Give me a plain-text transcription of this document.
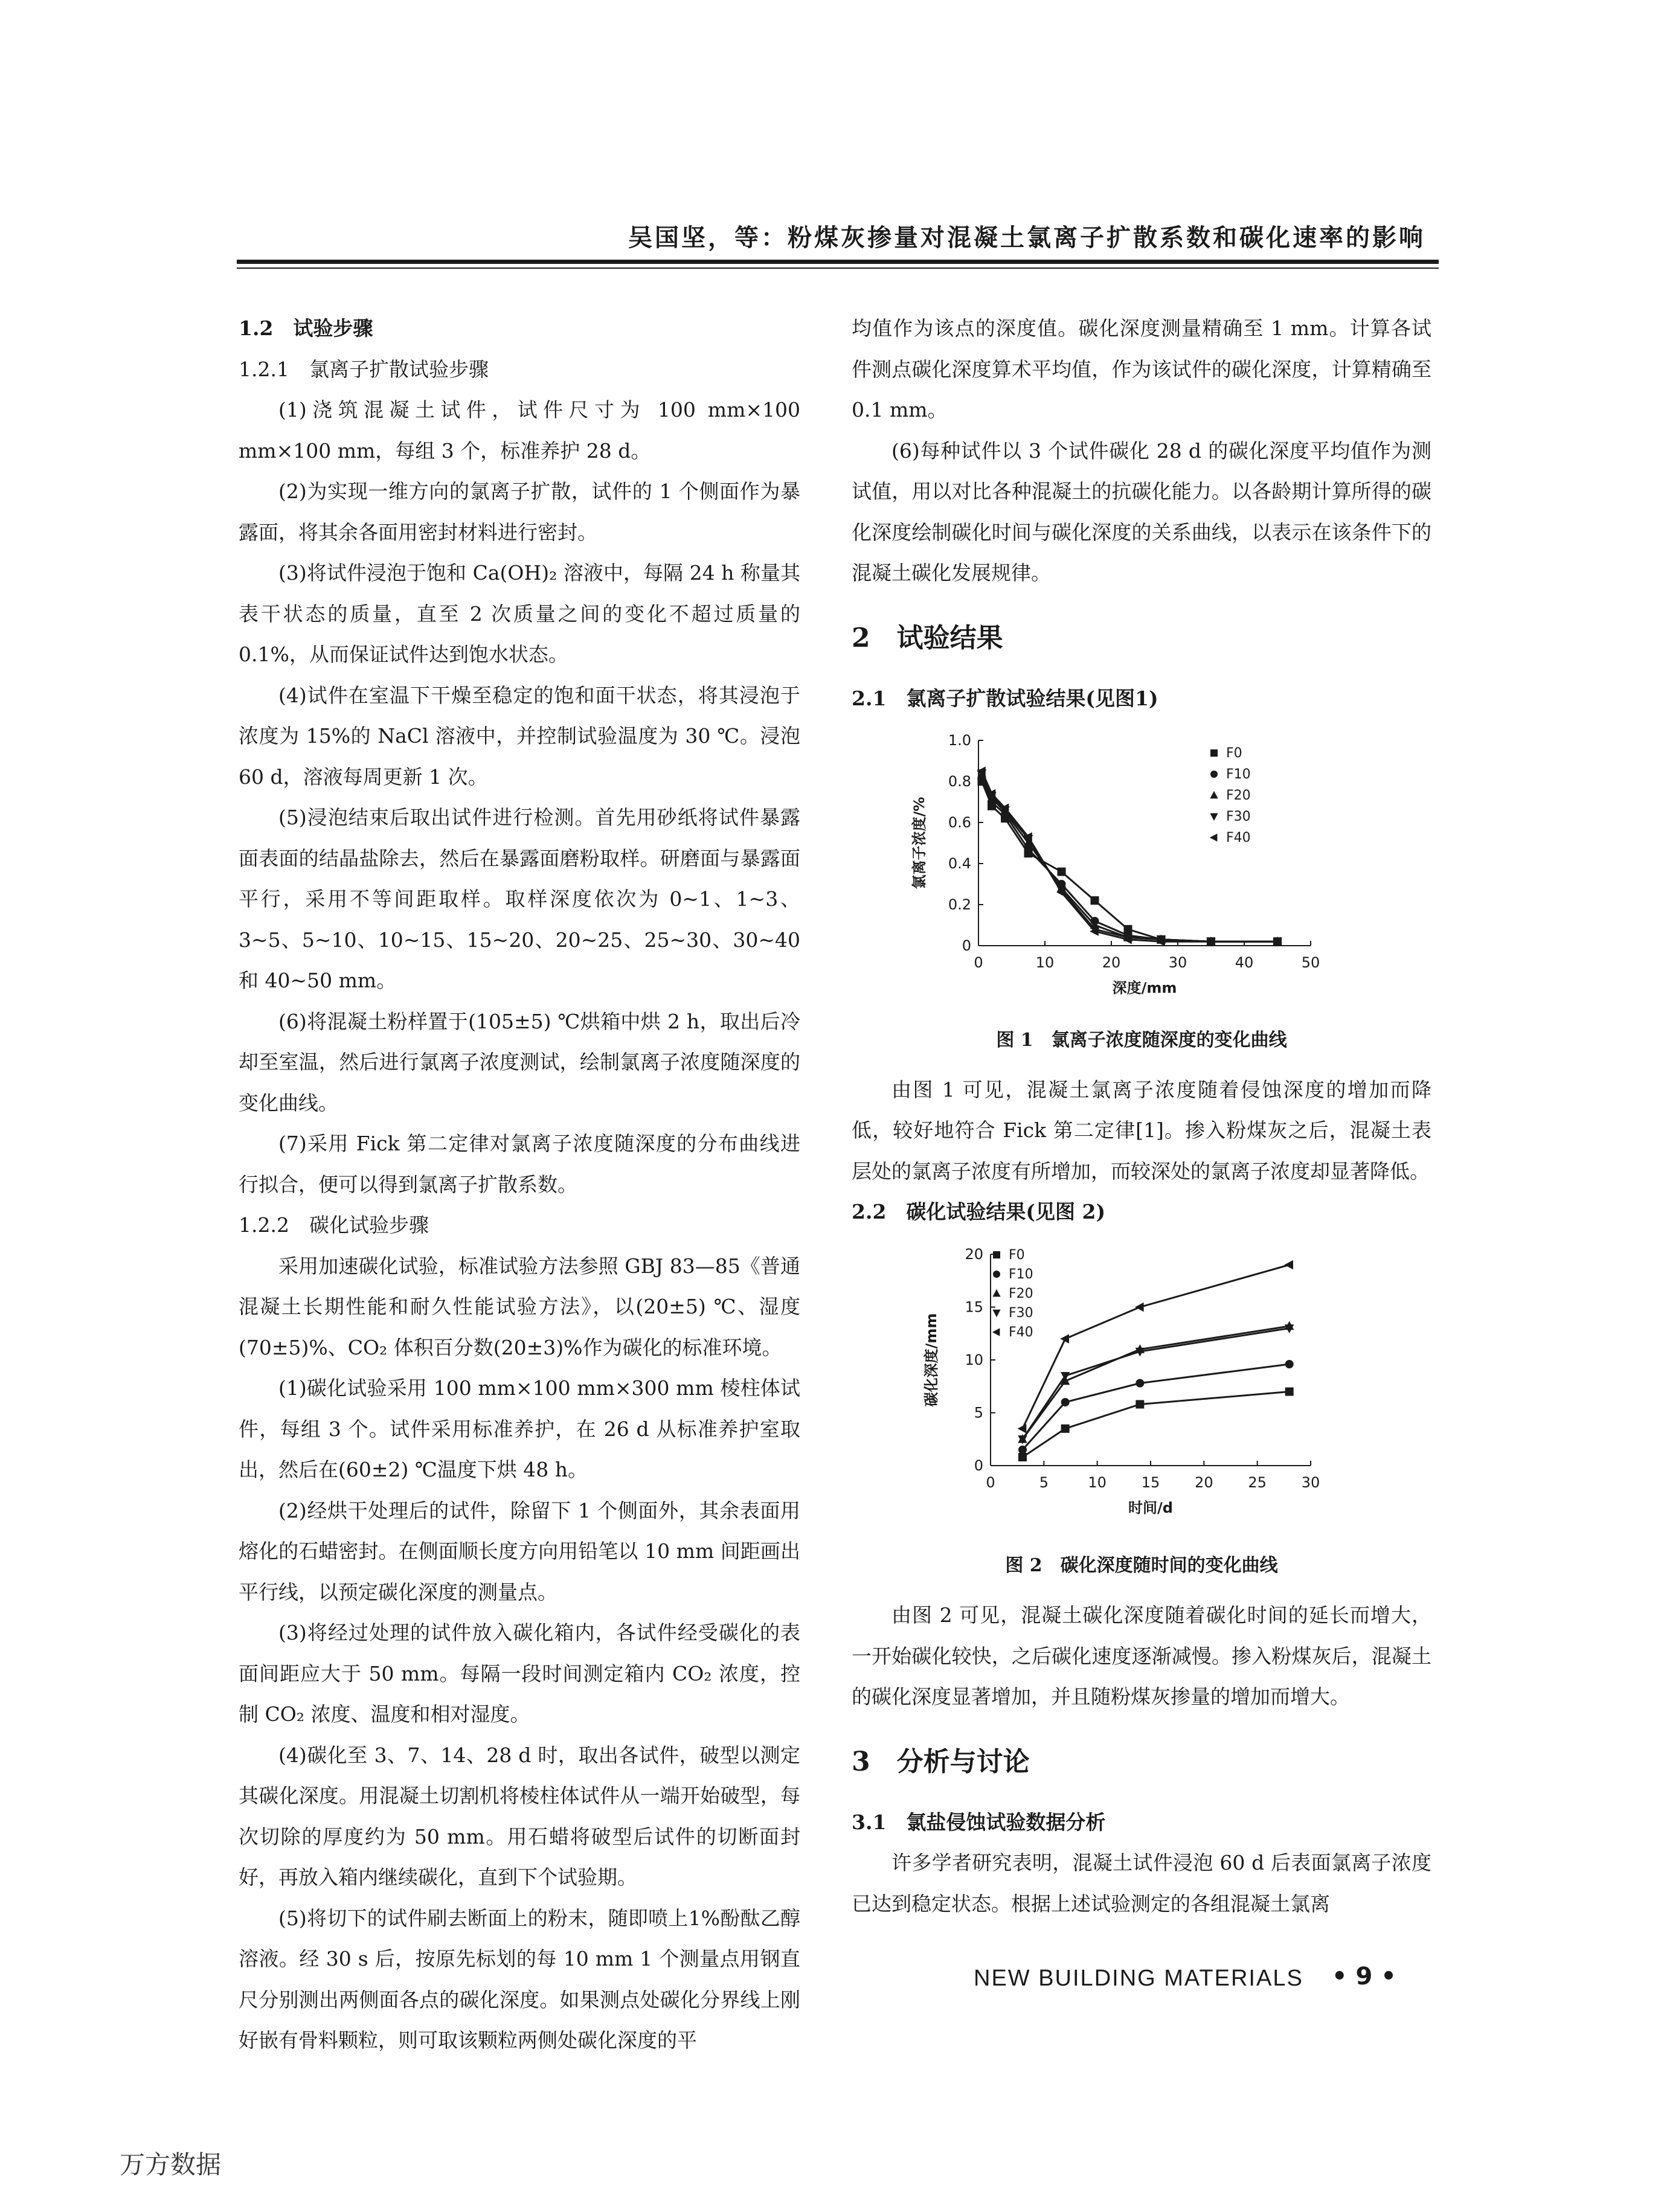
吴国坚，等：粉煤灰掺量对混凝土氯离子扩散系数和碳化速率的影响
1.2　试验步骤
1.2.1　氯离子扩散试验步骤

(1)浇筑混凝土试件，试件尺寸为 100 mm×100 mm×100 mm，每组 3 个，标准养护 28 d。

(2)为实现一维方向的氯离子扩散，试件的 1 个侧面作为暴露面，将其余各面用密封材料进行密封。

(3)将试件浸泡于饱和 Ca(OH)₂ 溶液中，每隔 24 h 称量其表干状态的质量，直至 2 次质量之间的变化不超过质量的 0.1%，从而保证试件达到饱水状态。

(4)试件在室温下干燥至稳定的饱和面干状态，将其浸泡于浓度为 15%的 NaCl 溶液中，并控制试验温度为 30 ℃。浸泡 60 d，溶液每周更新 1 次。

(5)浸泡结束后取出试件进行检测。首先用砂纸将试件暴露面表面的结晶盐除去，然后在暴露面磨粉取样。研磨面与暴露面平行，采用不等间距取样。取样深度依次为 0~1、1~3、3~5、5~10、10~15、15~20、20~25、25~30、30~40 和 40~50 mm。

(6)将混凝土粉样置于(105±5) ℃烘箱中烘 2 h，取出后冷却至室温，然后进行氯离子浓度测试，绘制氯离子浓度随深度的变化曲线。

(7)采用 Fick 第二定律对氯离子浓度随深度的分布曲线进行拟合，便可以得到氯离子扩散系数。

1.2.2　碳化试验步骤

采用加速碳化试验，标准试验方法参照 GBJ 83—85《普通混凝土长期性能和耐久性能试验方法》，以(20±5) ℃、湿度(70±5)%、CO₂ 体积百分数(20±3)%作为碳化的标准环境。

(1)碳化试验采用 100 mm×100 mm×300 mm 棱柱体试件，每组 3 个。试件采用标准养护，在 26 d 从标准养护室取出，然后在(60±2) ℃温度下烘 48 h。

(2)经烘干处理后的试件，除留下 1 个侧面外，其余表面用熔化的石蜡密封。在侧面顺长度方向用铅笔以 10 mm 间距画出平行线，以预定碳化深度的测量点。

(3)将经过处理的试件放入碳化箱内，各试件经受碳化的表面间距应大于 50 mm。每隔一段时间测定箱内 CO₂ 浓度，控制 CO₂ 浓度、温度和相对湿度。

(4)碳化至 3、7、14、28 d 时，取出各试件，破型以测定其碳化深度。用混凝土切割机将棱柱体试件从一端开始破型，每次切除的厚度约为 50 mm。用石蜡将破型后试件的切断面封好，再放入箱内继续碳化，直到下个试验期。

(5)将切下的试件刷去断面上的粉末，随即喷上1%酚酞乙醇溶液。经 30 s 后，按原先标划的每 10 mm 1 个测量点用钢直尺分别测出两侧面各点的碳化深度。如果测点处碳化分界线上刚好嵌有骨料颗粒，则可取该颗粒两侧处碳化深度的平

均值作为该点的深度值。碳化深度测量精确至 1 mm。计算各试件测点碳化深度算术平均值，作为该试件的碳化深度，计算精确至 0.1 mm。

(6)每种试件以 3 个试件碳化 28 d 的碳化深度平均值作为测试值，用以对比各种混凝土的抗碳化能力。以各龄期计算所得的碳化深度绘制碳化时间与碳化深度的关系曲线，以表示在该条件下的混凝土碳化发展规律。

2　试验结果
2.1　氯离子扩散试验结果(见图1)
0	10	20	30	40	50
0
0.2
0.4
0.6
0.8
1.0
深度/mm
氯离子浓度/%
F0
F10
F20
F30
F40
图 1　氯离子浓度随深度的变化曲线

由图 1 可见，混凝土氯离子浓度随着侵蚀深度的增加而降低，较好地符合 Fick 第二定律[1]。掺入粉煤灰之后，混凝土表层处的氯离子浓度有所增加，而较深处的氯离子浓度却显著降低。

2.2　碳化试验结果(见图 2)
0	5	10 15 20 25 30
0
5
10
15
20
时间/d
碳化深度/mm
F0
F10
F20
F30
F40
图 2　碳化深度随时间的变化曲线

由图 2 可见，混凝土碳化深度随着碳化时间的延长而增大，一开始碳化较快，之后碳化速度逐渐减慢。掺入粉煤灰后，混凝土的碳化深度显著增加，并且随粉煤灰掺量的增加而增大。

3　分析与讨论
3.1　氯盐侵蚀试验数据分析

许多学者研究表明，混凝土试件浸泡 60 d 后表面氯离子浓度已达到稳定状态。根据上述试验测定的各组混凝土氯离

NEW BUILDING MATERIALS • 9 •
万方数据
